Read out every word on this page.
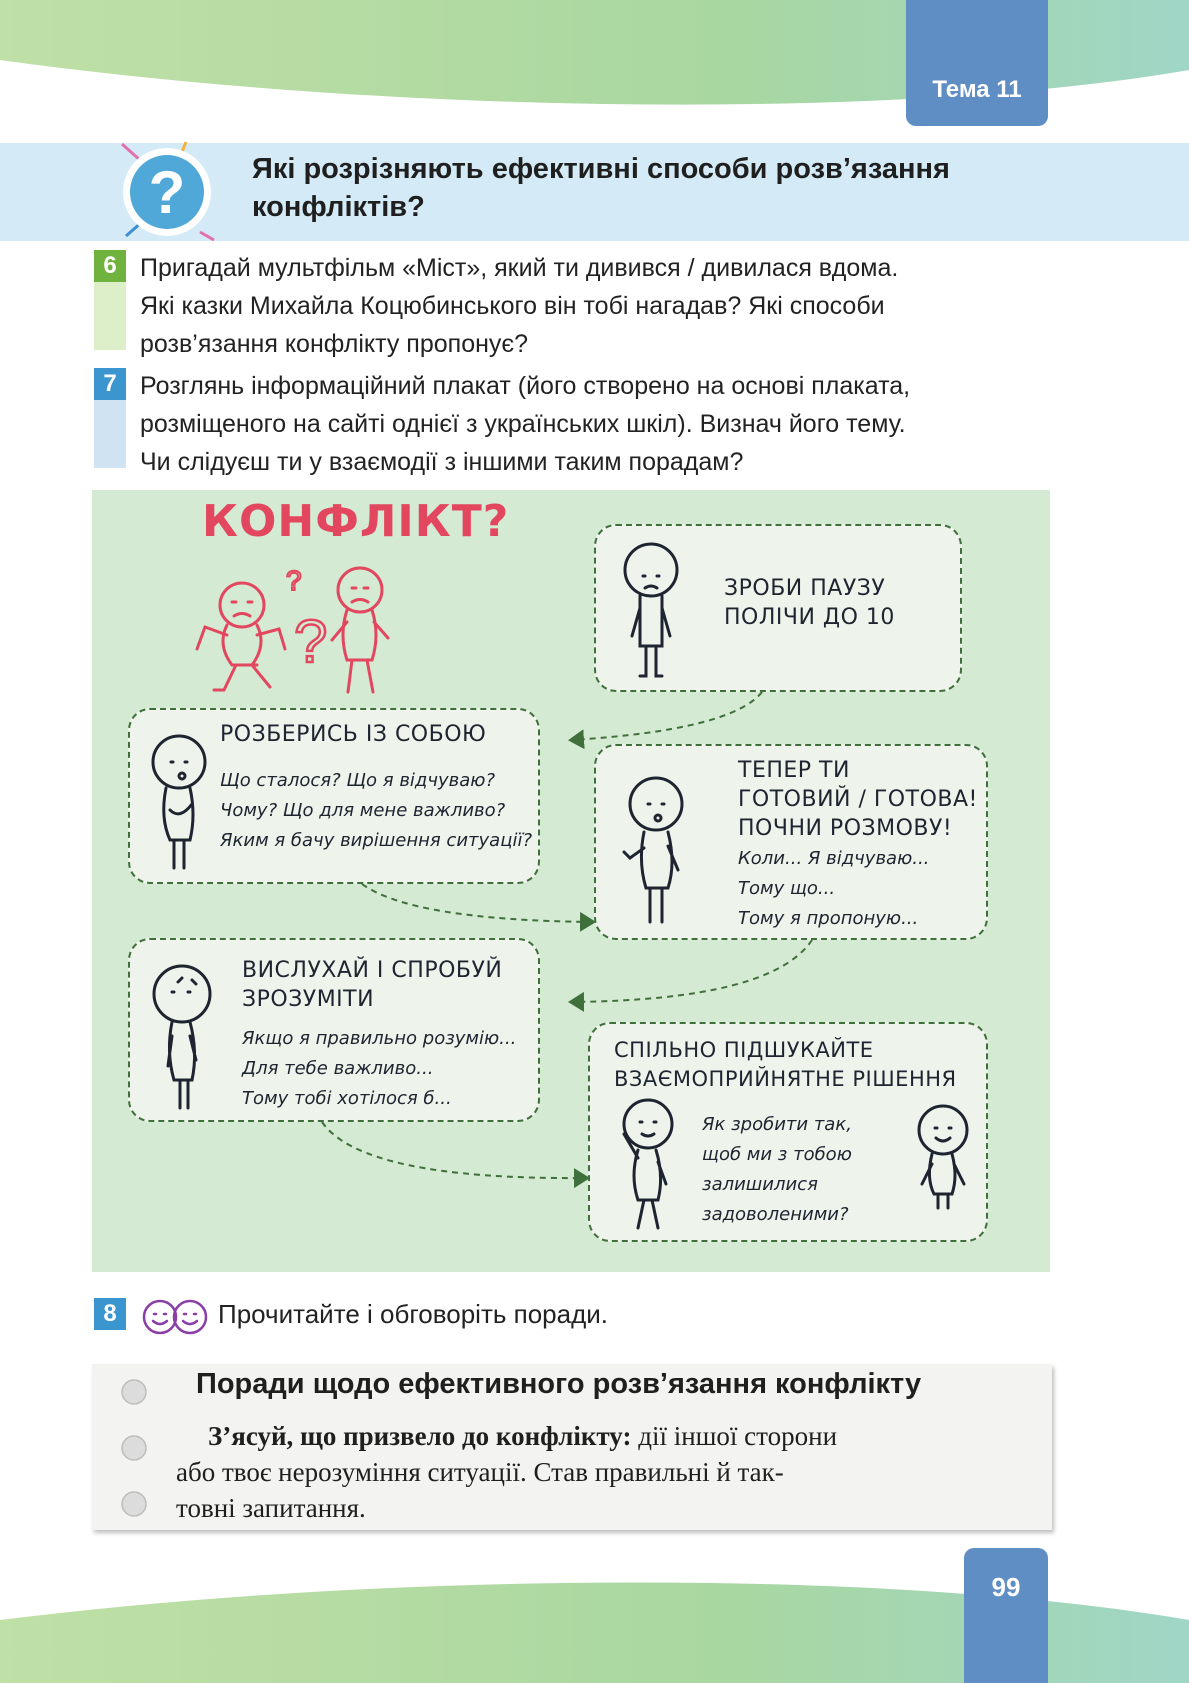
Тема 11
? Які розрізняють ефективні способи розв’язання
конфліктів?
6 Пригадай мультфільм «Міст», який ти дивився / дивилася вдома.
Які казки Михайла Коцюбинського він тобі нагадав? Які способи
розв’язання конфлікту пропонує?
7 Розглянь інформаційний плакат (його створено на основі плаката,
розміщеного на сайті однієї з українських шкіл). Визнач його тему.
Чи слідуєш ти у взаємодії з іншими таким порадам?
КОНФЛІКТ?
?
?	ЗРОБИ ПАУЗУ
ПОЛІЧИ ДО 10
РОЗБЕРИСЬ ІЗ СОБОЮ
Що сталося? Що я відчуваю?
Чому? Що для мене важливо?
Яким я бачу вирішення ситуації?
ТЕПЕР ТИ
ГОТОВИЙ / ГОТОВА!
ПОЧНИ РОЗМОВУ!
Коли... Я відчуваю...
Тому що...
Тому я пропоную...
ВИСЛУХАЙ І СПРОБУЙ
ЗРОЗУМІТИ
Якщо я правильно розумію...
Для тебе важливо...
Тому тобі хотілося б...
СПІЛЬНО ПІДШУКАЙТЕ
ВЗАЄМОПРИЙНЯТНЕ РІШЕННЯ
Як зробити так,
щоб ми з тобою
залишилися
задоволеними?
8	Прочитайте і обговоріть поради.
Поради щодо ефективного розв’язання конфлікту
З’ясуй, що призвело до конфлікту: дії іншої сторони
або твоє нерозуміння ситуації. Став правильні й так-
товні запитання.
99
